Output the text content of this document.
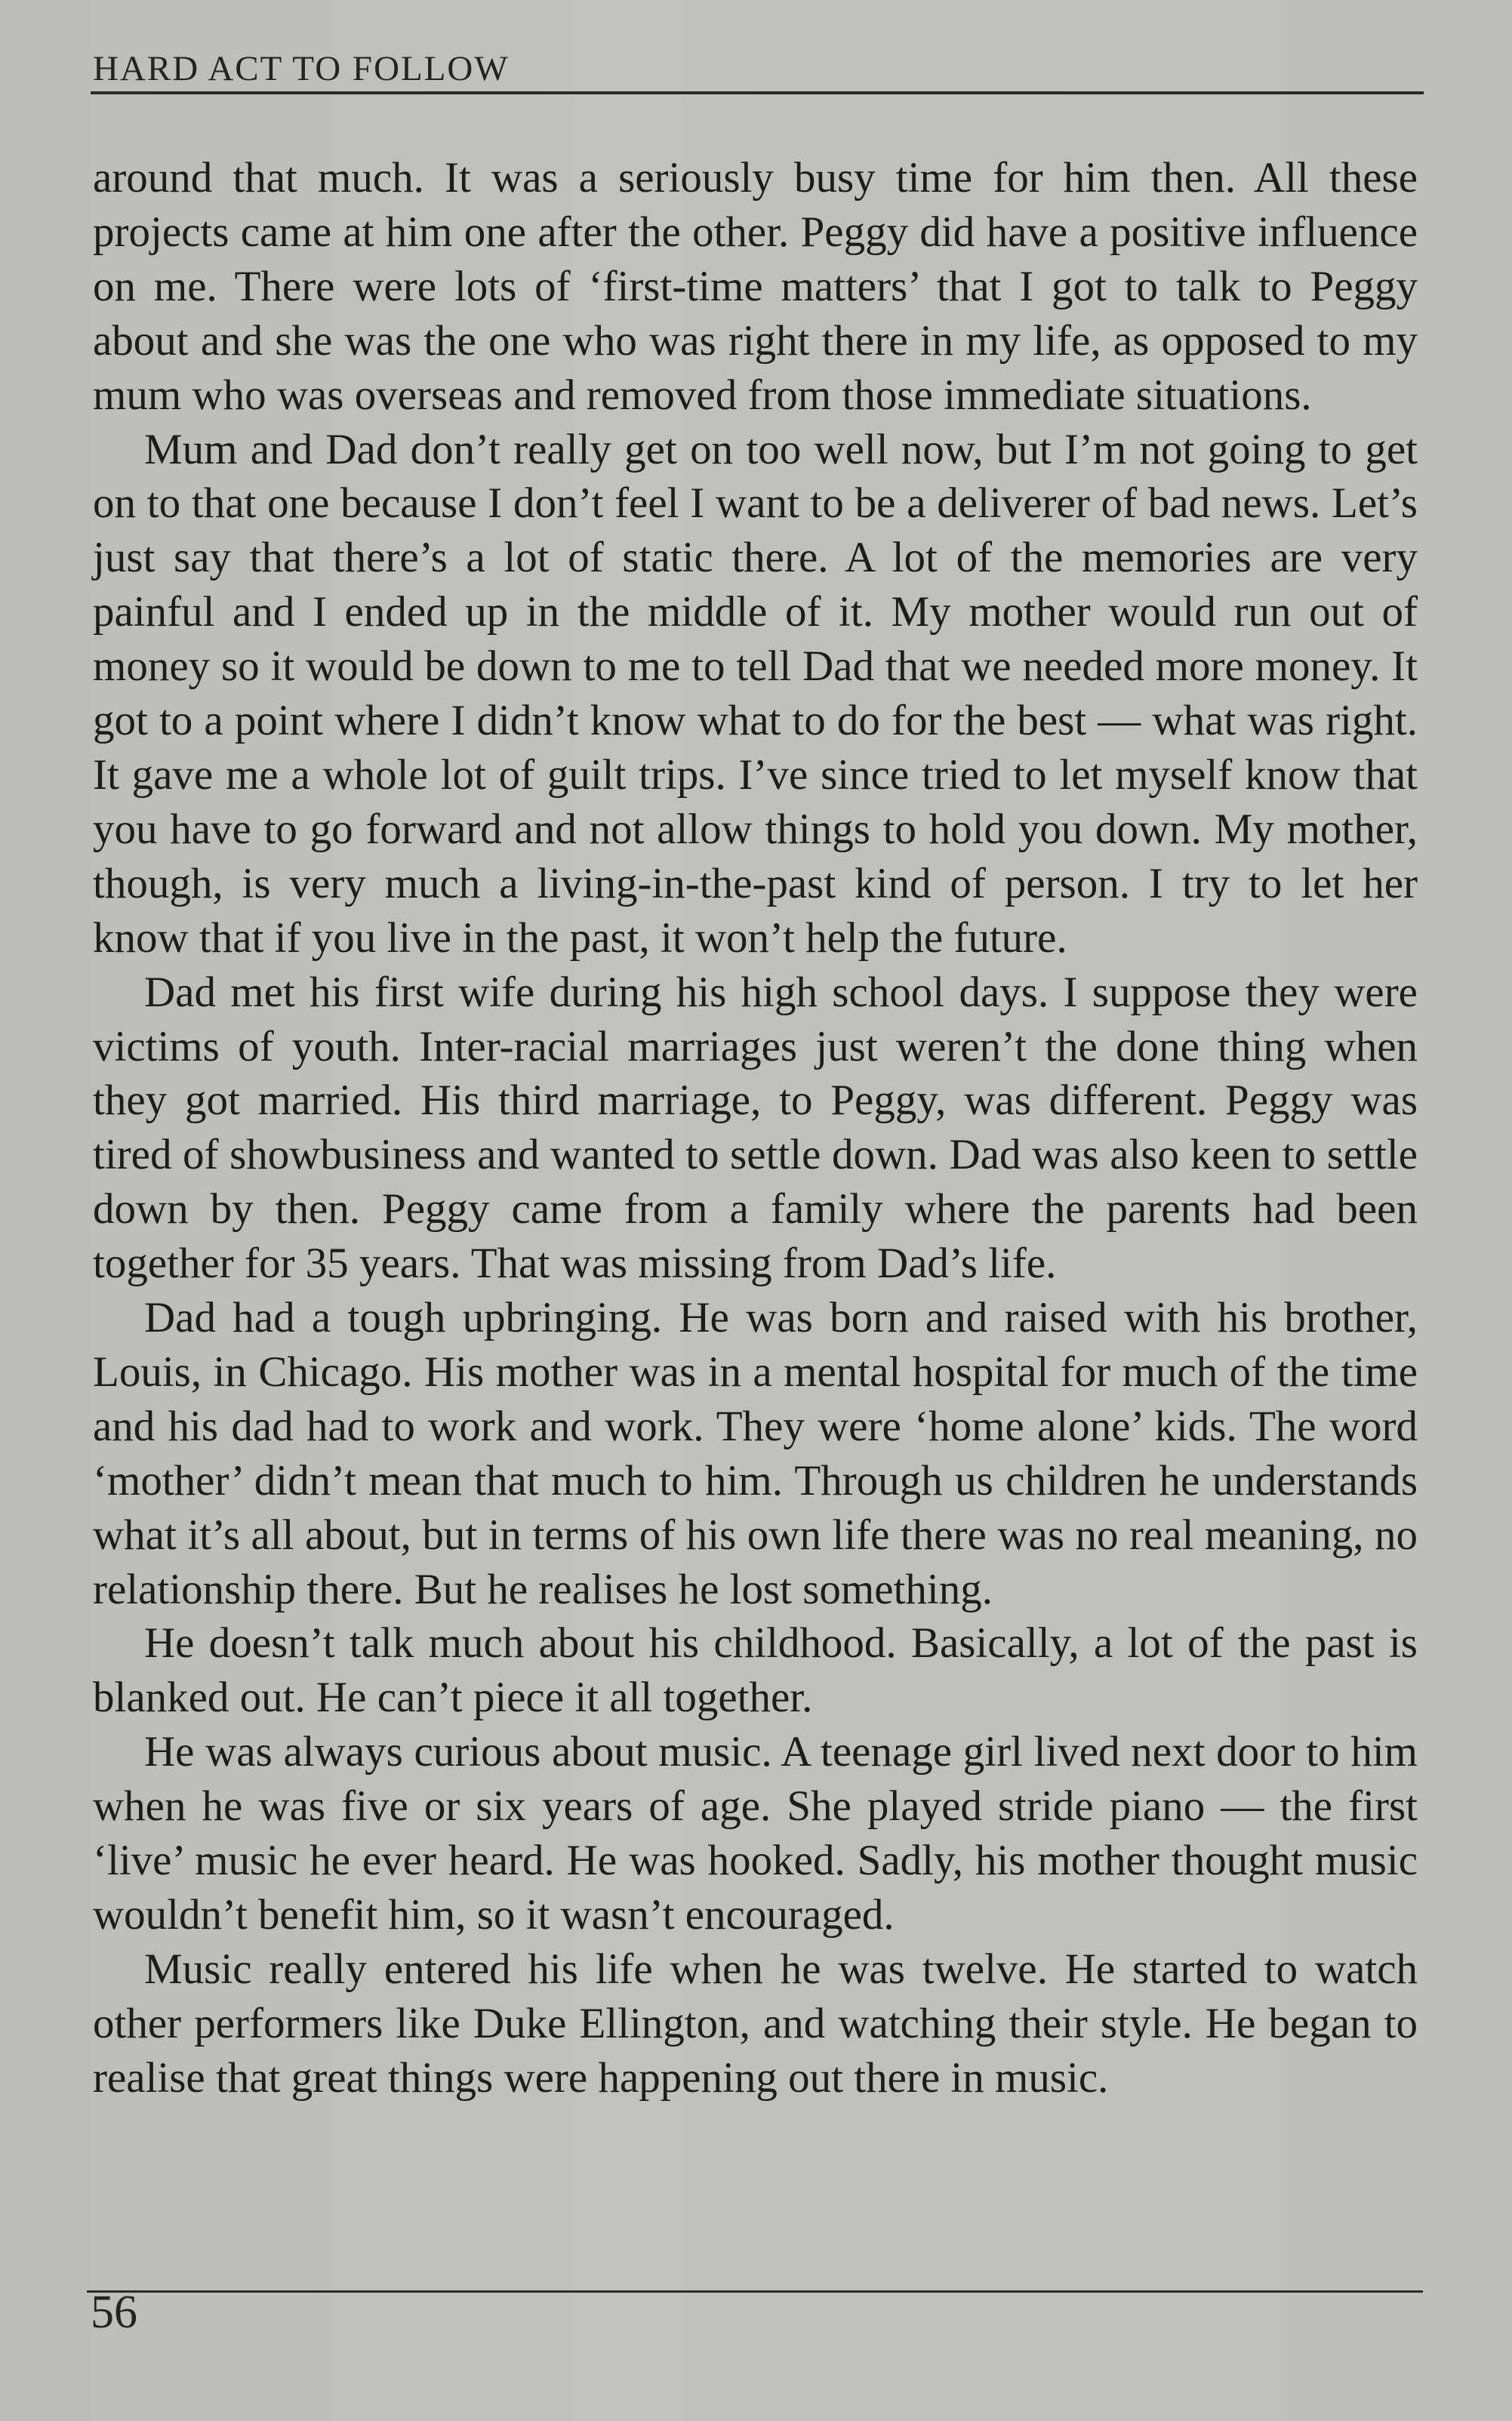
HARD ACT TO FOLLOW

around that much. It was a seriously busy time for him then. All these projects came at him one after the other. Peggy did have a positive influence on me. There were lots of ‘first-time matters’ that I got to talk to Peggy about and she was the one who was right there in my life, as opposed to my mum who was overseas and removed from those immediate situations.

Mum and Dad don’t really get on too well now, but I’m not going to get on to that one because I don’t feel I want to be a deliverer of bad news. Let’s just say that there’s a lot of static there. A lot of the memories are very painful and I ended up in the middle of it. My mother would run out of money so it would be down to me to tell Dad that we needed more money. It got to a point where I didn’t know what to do for the best — what was right. It gave me a whole lot of guilt trips. I’ve since tried to let myself know that you have to go forward and not allow things to hold you down. My mother, though, is very much a living-in-the-past kind of person. I try to let her know that if you live in the past, it won’t help the future.

Dad met his first wife during his high school days. I suppose they were victims of youth. Inter-racial marriages just weren’t the done thing when they got married. His third marriage, to Peggy, was different. Peggy was tired of showbusiness and wanted to settle down. Dad was also keen to settle down by then. Peggy came from a family where the parents had been together for 35 years. That was missing from Dad’s life.

Dad had a tough upbringing. He was born and raised with his brother, Louis, in Chicago. His mother was in a mental hospital for much of the time and his dad had to work and work. They were ‘home alone’ kids. The word ‘mother’ didn’t mean that much to him. Through us children he understands what it’s all about, but in terms of his own life there was no real meaning, no relationship there. But he realises he lost something.

He doesn’t talk much about his childhood. Basically, a lot of the past is blanked out. He can’t piece it all together.

He was always curious about music. A teenage girl lived next door to him when he was five or six years of age. She played stride piano — the first ‘live’ music he ever heard. He was hooked. Sadly, his mother thought music wouldn’t benefit him, so it wasn’t encouraged.

Music really entered his life when he was twelve. He started to watch other performers like Duke Ellington, and watching their style. He began to realise that great things were happening out there in music.

56
